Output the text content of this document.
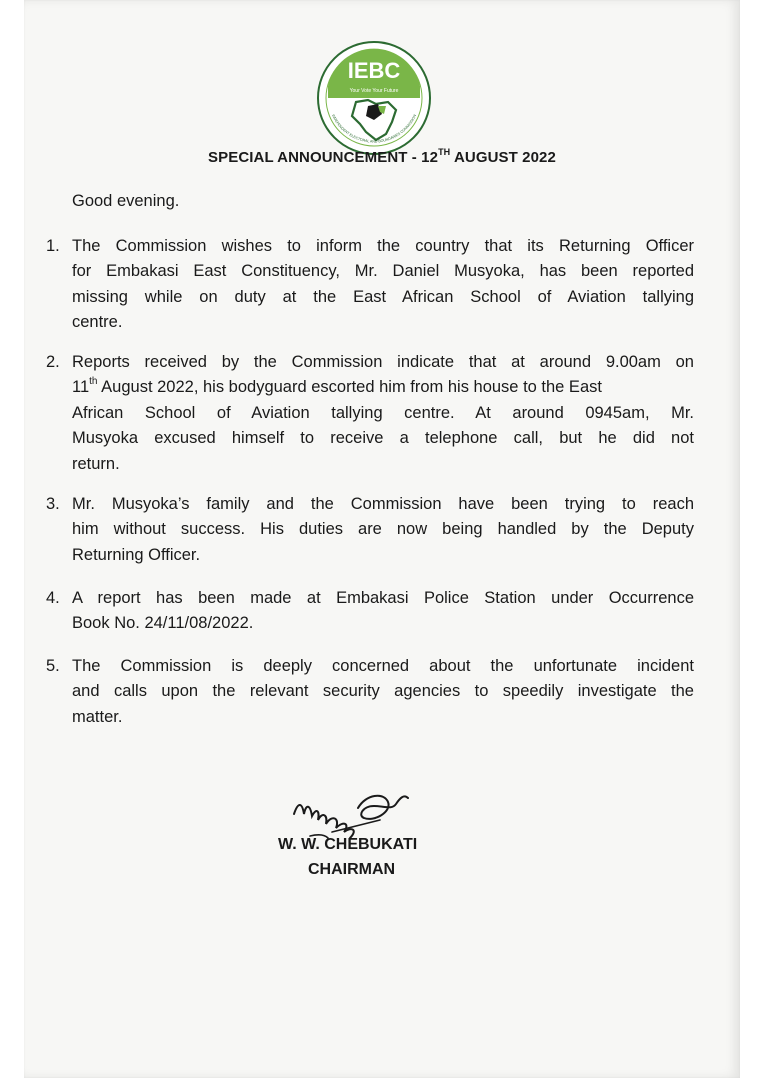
IEBC
Your Vote Your Future
INDEPENDENT ELECTORAL AND BOUNDARIES COMMISSION
SPECIAL ANNOUNCEMENT - 12TH AUGUST 2022
Good evening.
1. The Commission wishes to inform the country that its Returning Officer
for Embakasi East Constituency, Mr. Daniel Musyoka, has been reported
missing while on duty at the East African School of Aviation tallying
centre.

2. Reports received by the Commission indicate that at around 9.00am on
11 th August 2022, his bodyguard escorted him from his house to the East
African School of Aviation tallying centre. At around 0945am, Mr.
Musyoka excused himself to receive a telephone call, but he did not
return.

3. Mr. Musyoka’s family and the Commission have been trying to reach
him without success. His duties are now being handled by the Deputy
Returning Officer.

4. A report has been made at Embakasi Police Station under Occurrence
Book No. 24/11/08/2022.

5. The Commission is deeply concerned about the unfortunate incident
and calls upon the relevant security agencies to speedily investigate the
matter.

W. W. CHEBUKATI
CHAIRMAN
